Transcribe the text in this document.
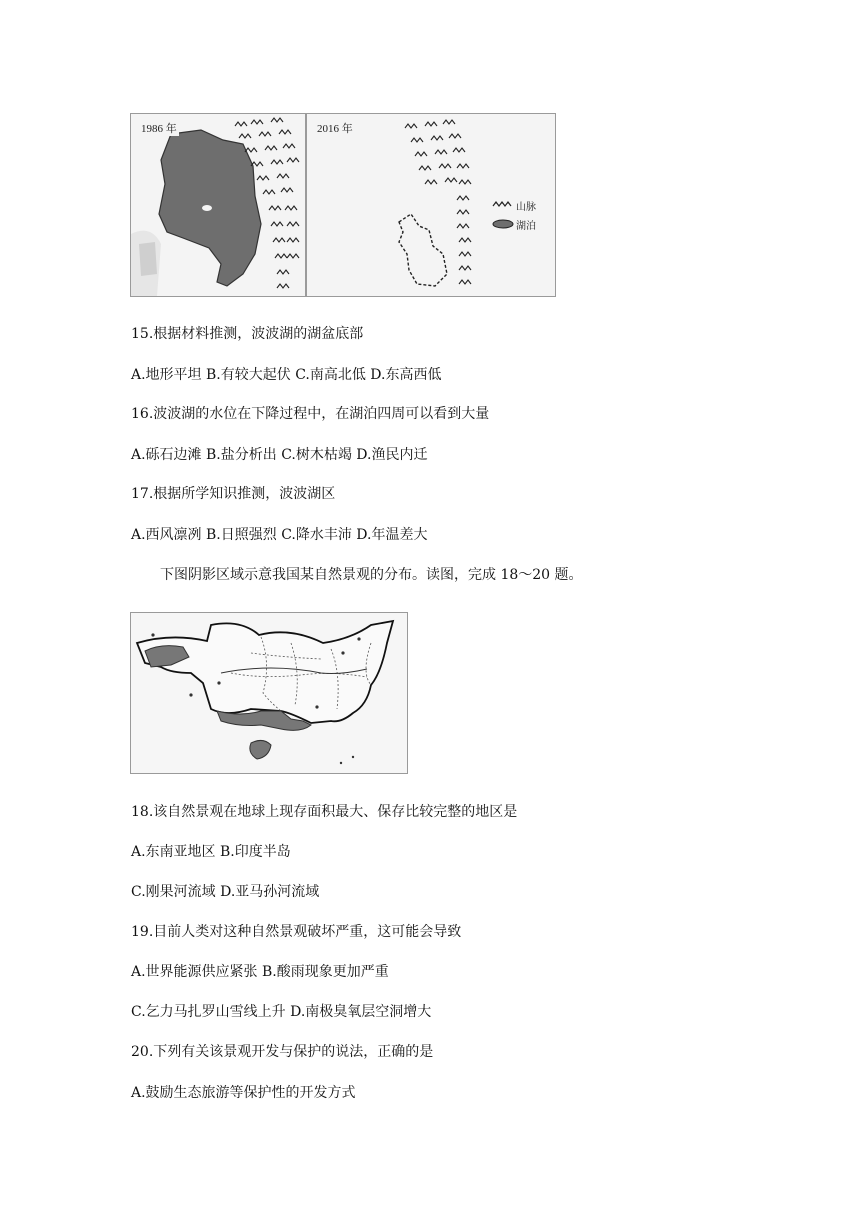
1986 年	2016 年
山脉
湖泊
15.根据材料推测，波波湖的湖盆底部
A.地形平坦 B.有较大起伏 C.南高北低 D.东高西低
16.波波湖的水位在下降过程中，在湖泊四周可以看到大量
A.砾石边滩 B.盐分析出 C.树木枯竭 D.渔民内迁
17.根据所学知识推测，波波湖区
A.西风凛冽 B.日照强烈 C.降水丰沛 D.年温差大
下图阴影区域示意我国某自然景观的分布。读图，完成 18～20 题。
18.该自然景观在地球上现存面积最大、保存比较完整的地区是
A.东南亚地区 B.印度半岛
C.刚果河流域 D.亚马孙河流域
19.目前人类对这种自然景观破坏严重，这可能会导致
A.世界能源供应紧张 B.酸雨现象更加严重
C.乞力马扎罗山雪线上升 D.南极臭氧层空洞增大
20.下列有关该景观开发与保护的说法，正确的是
A.鼓励生态旅游等保护性的开发方式
